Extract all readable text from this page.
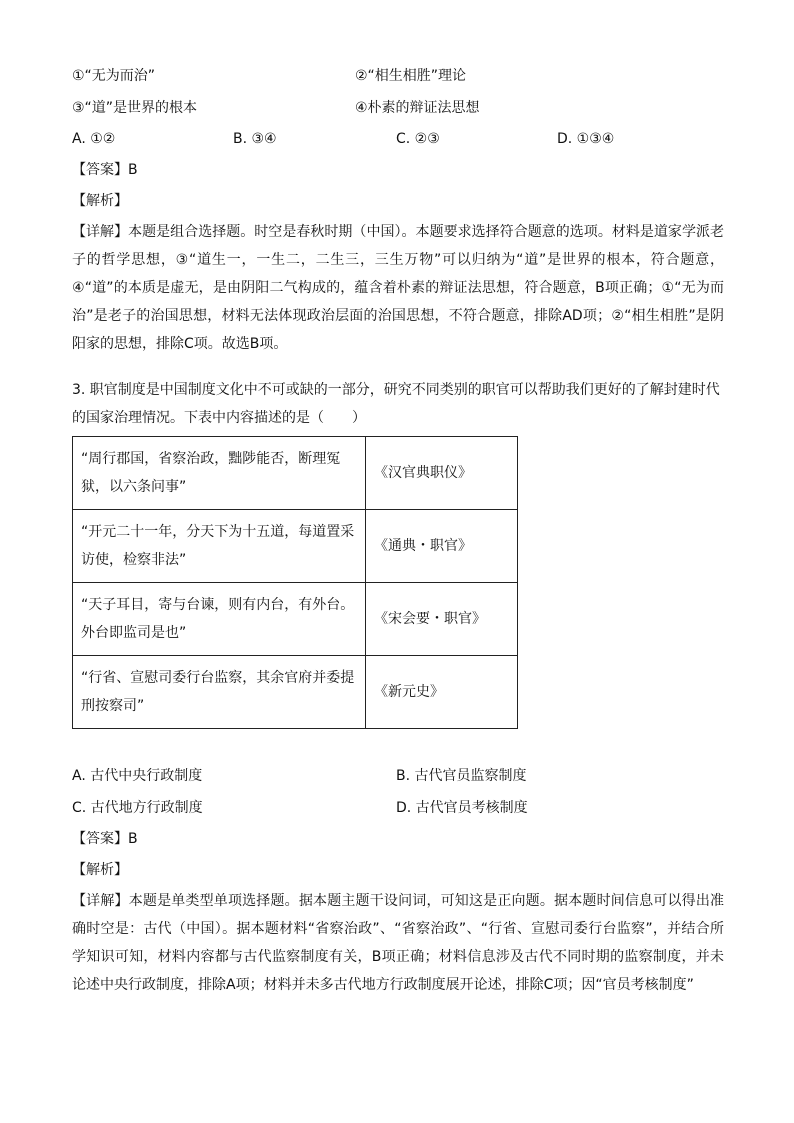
①“无为而治”	②“相生相胜”理论
③“道”是世界的根本	④朴素的辩证法思想
A. ①②	B. ③④	C. ②③	D. ①③④
【答案】B
【解析】
【详解】本题是组合选择题。时空是春秋时期（中国）。本题要求选择符合题意的选项。材料是道家学派老子的哲学思想，③“道生一，一生二，二生三，三生万物”可以归纳为“道”是世界的根本，符合题意，④“道”的本质是虚无，是由阴阳二气构成的，蕴含着朴素的辩证法思想，符合题意，B项正确；①“无为而治”是老子的治国思想，材料无法体现政治层面的治国思想，不符合题意，排除AD项；②“相生相胜”是阴阳家的思想，排除C项。故选B项。
3. 职官制度是中国制度文化中不可或缺的一部分，研究不同类别的职官可以帮助我们更好的了解封建时代的国家治理情况。下表中内容描述的是（　　）
“周行郡国，省察治政，黜陟能否，断理冤狱，以六条问事”	《汉官典职仪》
“开元二十一年，分天下为十五道，每道置采访使，检察非法”	《通典・职官》
“天子耳目，寄与台谏，则有内台，有外台。外台即监司是也”	《宋会要・职官》
“行省、宣慰司委行台监察，其余官府并委提刑按察司”	《新元史》
A. 古代中央行政制度	B. 古代官员监察制度
C. 古代地方行政制度	D. 古代官员考核制度
【答案】B
【解析】
【详解】本题是单类型单项选择题。据本题主题干设问词，可知这是正向题。据本题时间信息可以得出准确时空是：古代（中国）。据本题材料“省察治政”、“省察治政”、“行省、宣慰司委行台监察”，并结合所学知识可知，材料内容都与古代监察制度有关，B项正确；材料信息涉及古代不同时期的监察制度，并未论述中央行政制度，排除A项；材料并未多古代地方行政制度展开论述，排除C项；因“官员考核制度”
